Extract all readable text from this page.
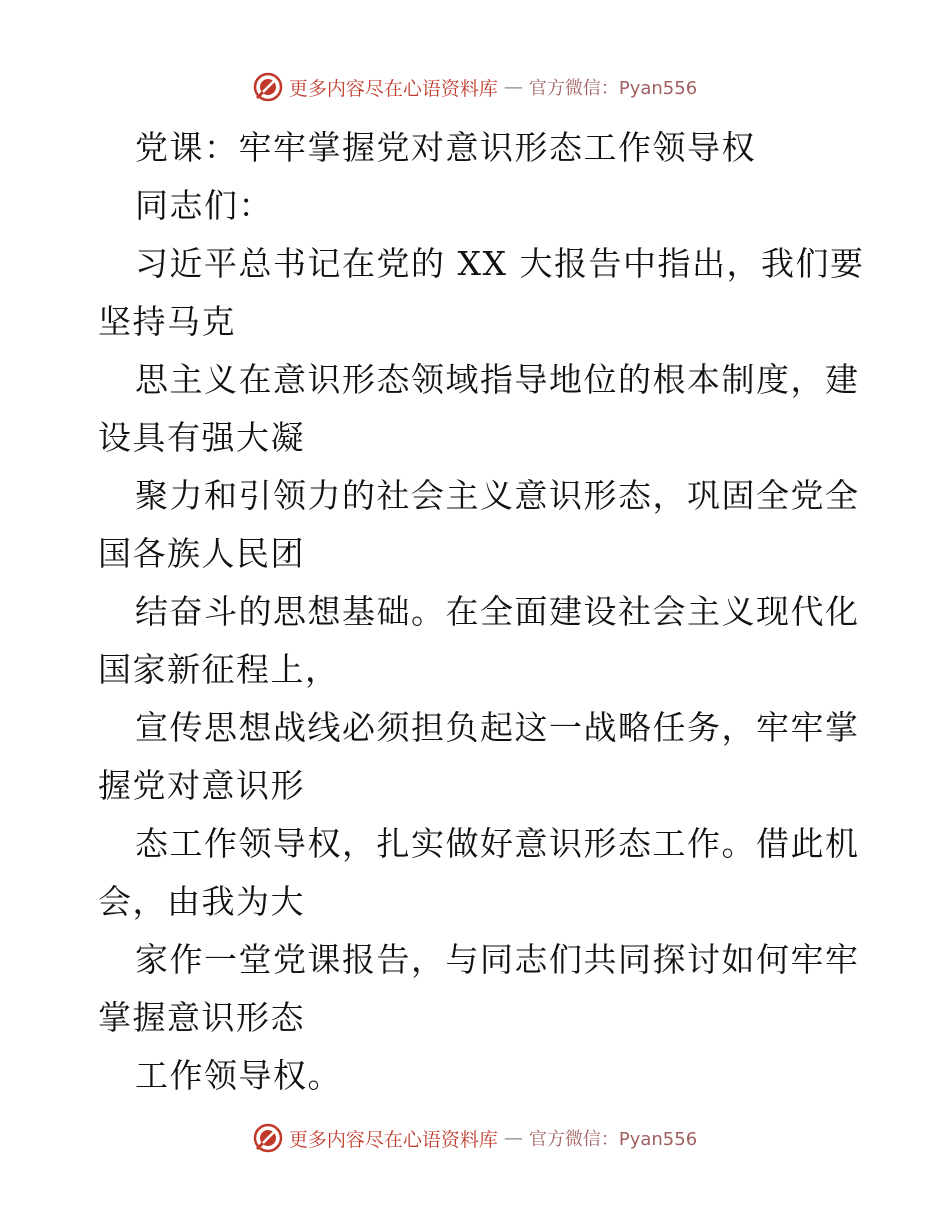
更多内容尽在心语资料库 — 官方微信：Pyan556
党课：牢牢掌握党对意识形态工作领导权
同志们：
习近平总书记在党的 XX 大报告中指出，我们要
坚持马克
思主义在意识形态领域指导地位的根本制度，建
设具有强大凝
聚力和引领力的社会主义意识形态，巩固全党全
国各族人民团
结奋斗的思想基础。在全面建设社会主义现代化
国家新征程上，
宣传思想战线必须担负起这一战略任务，牢牢掌
握党对意识形
态工作领导权，扎实做好意识形态工作。借此机
会，由我为大
家作一堂党课报告，与同志们共同探讨如何牢牢
掌握意识形态
工作领导权。
更多内容尽在心语资料库 — 官方微信：Pyan556
